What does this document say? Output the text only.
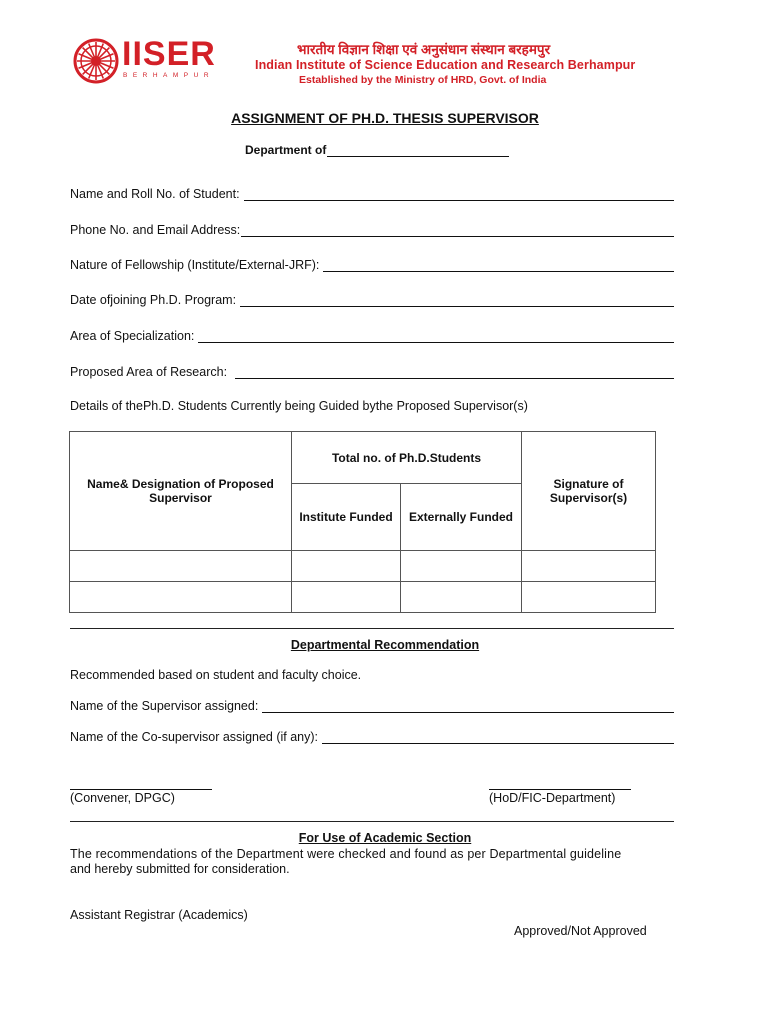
IISER
BERHAMPUR
भारतीय विज्ञान शिक्षा एवं अनुसंधान संस्थान बरहमपुर
Indian Institute of Science Education and Research Berhampur
Established by the Ministry of HRD, Govt. of India
ASSIGNMENT OF PH.D. THESIS SUPERVISOR
Department of
Name and Roll No. of Student:
Phone No. and Email Address:
Nature of Fellowship (Institute/External-JRF):
Date ofjoining Ph.D. Program:
Area of Specialization:
Proposed Area of Research:
Details of thePh.D. Students Currently being Guided bythe Proposed Supervisor(s)
Name& Designation of Proposed Supervisor	Total no. of Ph.D.Students		Signature of Supervisor(s)
	Institute Funded	Externally Funded	

Departmental Recommendation
Recommended based on student and faculty choice.
Name of the Supervisor assigned:
Name of the Co-supervisor assigned (if any):
(Convener, DPGC)	(HoD/FIC-Department)
For Use of Academic Section
The recommendations of the Department were checked and found as per Departmental guideline
and hereby submitted for consideration.
Assistant Registrar (Academics)
Approved/Not Approved
